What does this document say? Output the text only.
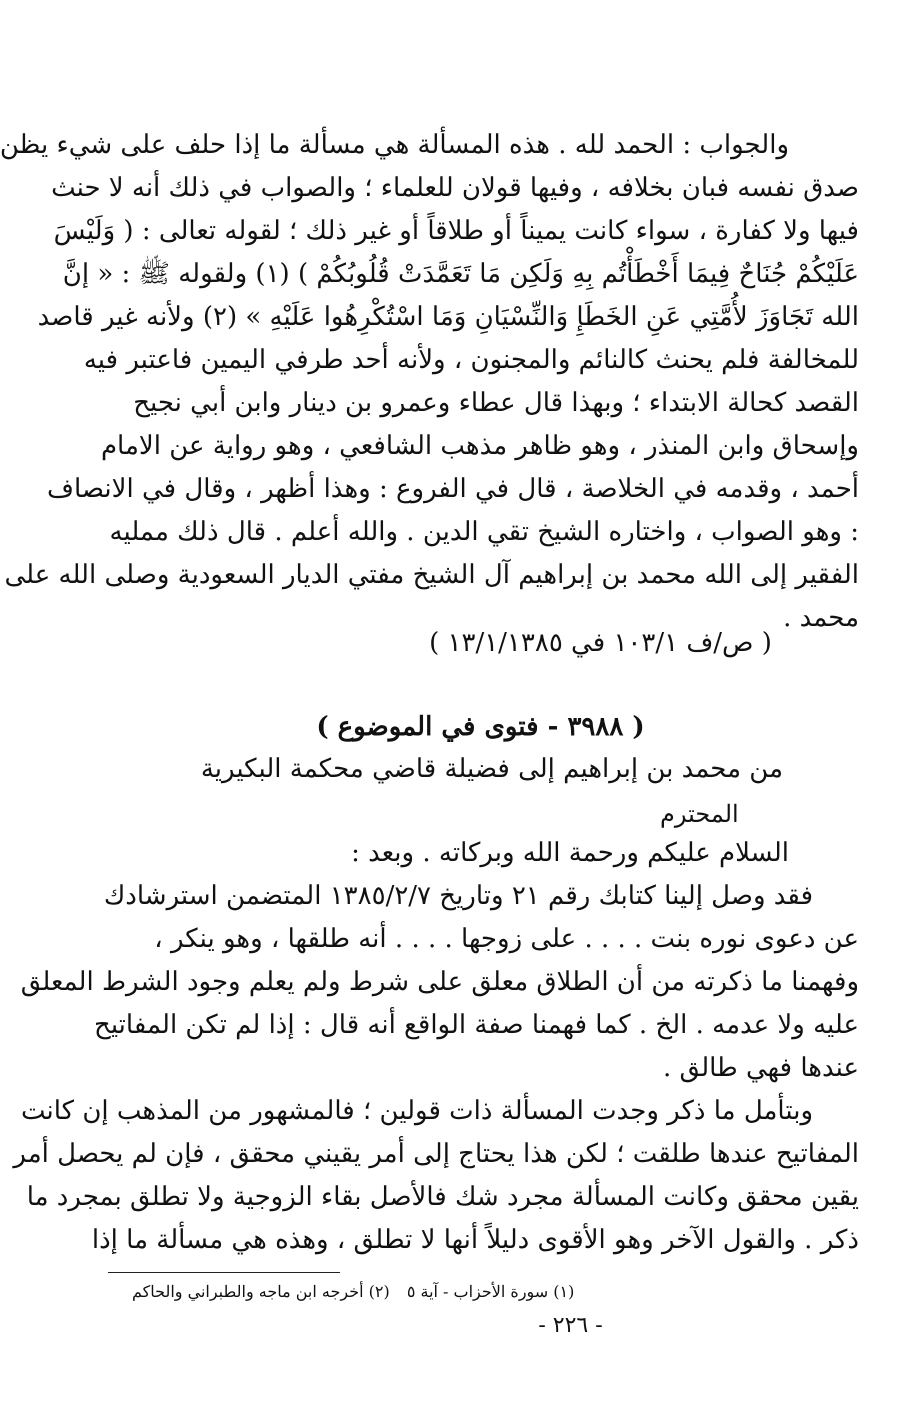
والجواب : الحمد لله . هذه المسألة هي مسألة ما إذا حلف على شيء يظن
صدق نفسه فبان بخلافه ، وفيها قولان للعلماء ؛ والصواب في ذلك أنه لا حنث
فيها ولا كفارة ، سواء كانت يميناً أو طلاقاً أو غير ذلك ؛ لقوله تعالى : ( وَلَيْسَ
عَلَيْكُمْ جُنَاحٌ فِيمَا أَخْطَأْتُم بِهِ وَلَكِن مَا تَعَمَّدَتْ قُلُوبُكُمْ ) (١) ولقوله ﷺ : « إنَّ
الله تَجَاوَزَ لأُمَّتِي عَنِ الخَطَإِ وَالنِّسْيَانِ وَمَا اسْتُكْرِهُوا عَلَيْهِ » (٢) ولأنه غير قاصد
للمخالفة فلم يحنث كالنائم والمجنون ، ولأنه أحد طرفي اليمين فاعتبر فيه
القصد كحالة الابتداء ؛ وبهذا قال عطاء وعمرو بن دينار وابن أبي نجيح
وإسحاق وابن المنذر ، وهو ظاهر مذهب الشافعي ، وهو رواية عن الامام
أحمد ، وقدمه في الخلاصة ، قال في الفروع : وهذا أظهر ، وقال في الانصاف
: وهو الصواب ، واختاره الشيخ تقي الدين . والله أعلم . قال ذلك ممليه
الفقير إلى الله محمد بن إبراهيم آل الشيخ مفتي الديار السعودية وصلى الله على
محمد .
( ص/ف ١٠٣/١ في ١٣/١/١٣٨٥ )
( ٣٩٨٨ - فتوى في الموضوع )
من محمد بن إبراهيم إلى فضيلة قاضي محكمة البكيرية
المحترم
السلام عليكم ورحمة الله وبركاته . وبعد :
فقد وصل إلينا كتابك رقم ٢١ وتاريخ ١٣٨٥/٢/٧ المتضمن استرشادك
عن دعوى نوره بنت . . . . على زوجها . . . . أنه طلقها ، وهو ينكر ،
وفهمنا ما ذكرته من أن الطلاق معلق على شرط ولم يعلم وجود الشرط المعلق
عليه ولا عدمه . الخ . كما فهمنا صفة الواقع أنه قال : إذا لم تكن المفاتيح
عندها فهي طالق .
وبتأمل ما ذكر وجدت المسألة ذات قولين ؛ فالمشهور من المذهب إن كانت
المفاتيح عندها طلقت ؛ لكن هذا يحتاج إلى أمر يقيني محقق ، فإن لم يحصل أمر
يقين محقق وكانت المسألة مجرد شك فالأصل بقاء الزوجية ولا تطلق بمجرد ما
ذكر . والقول الآخر وهو الأقوى دليلاً أنها لا تطلق ، وهذه هي مسألة ما إذا
(١) سورة الأحزاب - آية ٥ (٢) أخرجه ابن ماجه والطبراني والحاكم
- ٢٢٦ -
